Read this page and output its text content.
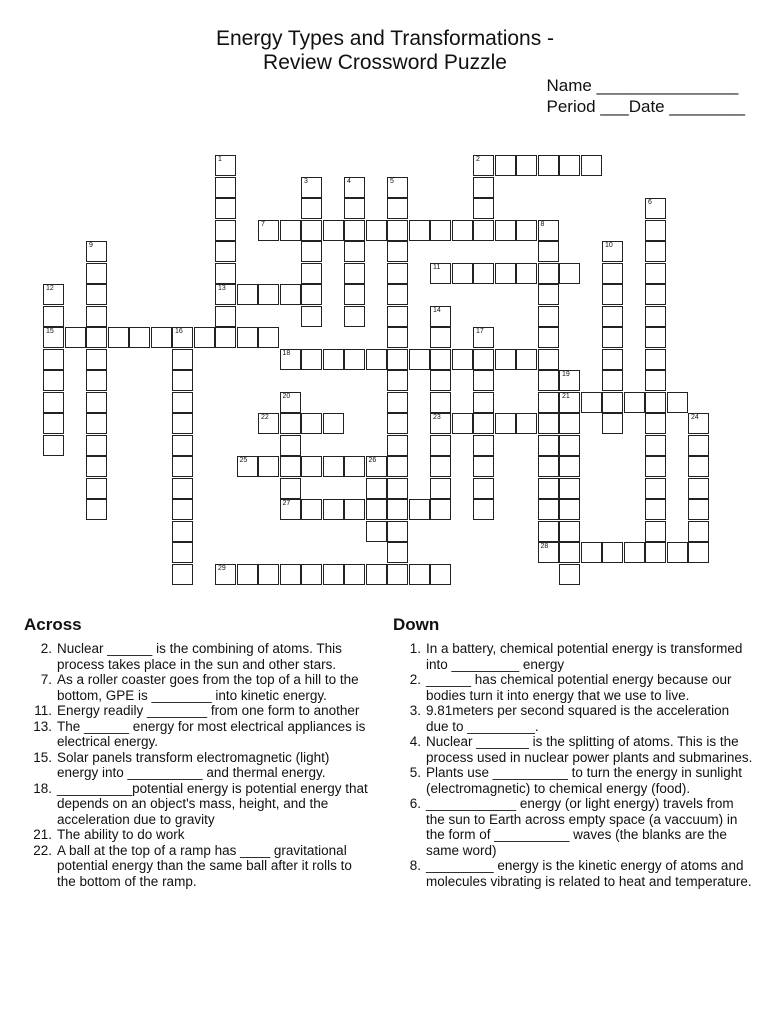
Energy Types and Transformations -
Review Crossword Puzzle
Name _______________
Period ___Date ________
1
13
2
3	4	5
6
7	8
9	10
11
12
15
14
23
16	17
18
19
21
20
22	24
25	26
27
28
29
Across
2. Nuclear ______ is the combining of atoms. This process takes place in the sun and other stars.
7. As a roller coaster goes from the top of a hill to the bottom, GPE is ________ into kinetic energy.
11. Energy readily ________ from one form to another
13. The ______ energy for most electrical appliances is electrical energy.
15. Solar panels transform electromagnetic (light) energy into __________ and thermal energy.
18. __________potential energy is potential energy that depends on an object's mass, height, and the acceleration due to gravity
21. The ability to do work
22. A ball at the top of a ramp has ____ gravitational potential energy than the same ball after it rolls to the bottom of the ramp.
Down
1. In a battery, chemical potential energy is transformed into _________ energy
2. ______ has chemical potential energy because our bodies turn it into energy that we use to live.
3. 9.81meters per second squared is the acceleration due to _________.
4. Nuclear _______ is the splitting of atoms. This is the process used in nuclear power plants and submarines.
5. Plants use __________ to turn the energy in sunlight (electromagnetic) to chemical energy (food).
6. ____________ energy (or light energy) travels from the sun to Earth across empty space (a vaccuum) in the form of __________ waves (the blanks are the same word)
8. _________ energy is the kinetic energy of atoms and molecules vibrating is related to heat and temperature.
